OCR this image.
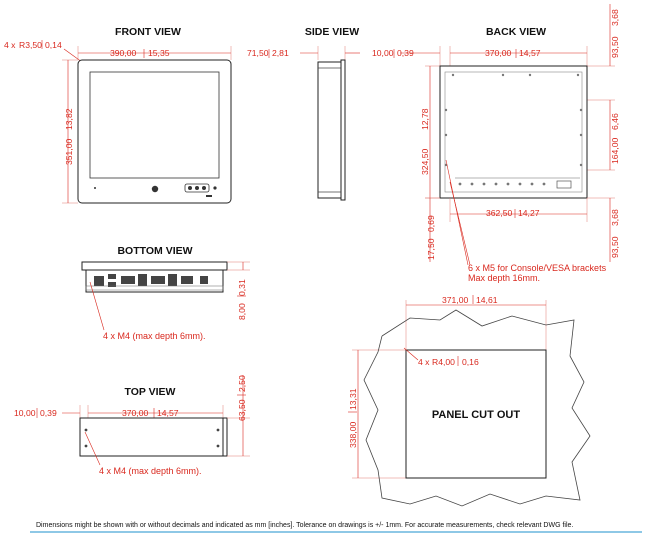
FRONT VIEW
4 x R3,50 0,14
390,00 15,35
351,00
13,82
SIDE VIEW
71,50 2,81
BACK VIEW
10,00 0,39	370,00 14,57	93,50
3,68
324,50
12,78
164,00
6,46
362,50 14,27
17,50
0,69
93,50
3,68
6 x M5 for Console/VESA brackets
Max depth 16mm.
BOTTOM VIEW
8,00
0,31
4 x M4 (max depth 6mm).
TOP VIEW
10,00 0,39	370,00 14,57	63,50
2,50
4 x M4 (max depth 6mm).
371,00 14,61
338,00
13,31
PANEL CUT OUT
4 x R4,00 0,16
Dimensions might be shown with or without decimals and indicated as mm [inches]. Tolerance on drawings is +/- 1mm. For accurate measurements, check relevant DWG file.
